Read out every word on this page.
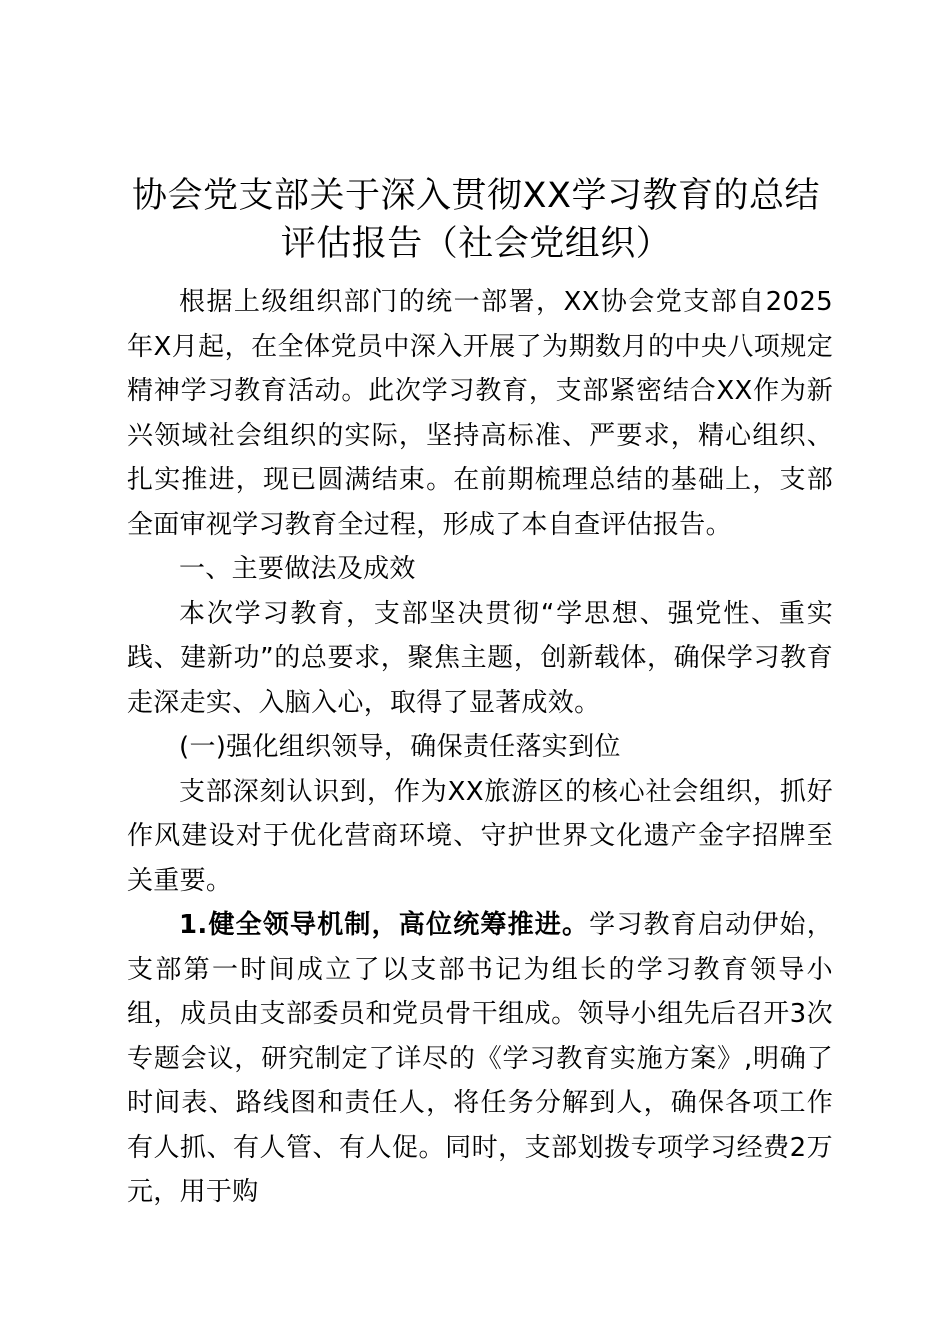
协会党支部关于深入贯彻XX学习教育的总结评估报告（社会党组织）

根据上级组织部门的统一部署，XX协会党支部自2025年X月起，在全体党员中深入开展了为期数月的中央八项规定精神学习教育活动。此次学习教育，支部紧密结合XX作为新兴领域社会组织的实际，坚持高标准、严要求，精心组织、扎实推进，现已圆满结束。在前期梳理总结的基础上，支部全面审视学习教育全过程，形成了本自查评估报告。

一、主要做法及成效

本次学习教育，支部坚决贯彻“学思想、强党性、重实践、建新功”的总要求，聚焦主题，创新载体，确保学习教育走深走实、入脑入心，取得了显著成效。

(一)强化组织领导，确保责任落实到位

支部深刻认识到，作为XX旅游区的核心社会组织，抓好作风建设对于优化营商环境、守护世界文化遗产金字招牌至关重要。

1.健全领导机制，高位统筹推进。学习教育启动伊始，支部第一时间成立了以支部书记为组长的学习教育领导小组，成员由支部委员和党员骨干组成。领导小组先后召开3次专题会议，研究制定了详尽的《学习教育实施方案》,明确了时间表、路线图和责任人，将任务分解到人，确保各项工作有人抓、有人管、有人促。同时，支部划拨专项学习经费2万元，用于购
